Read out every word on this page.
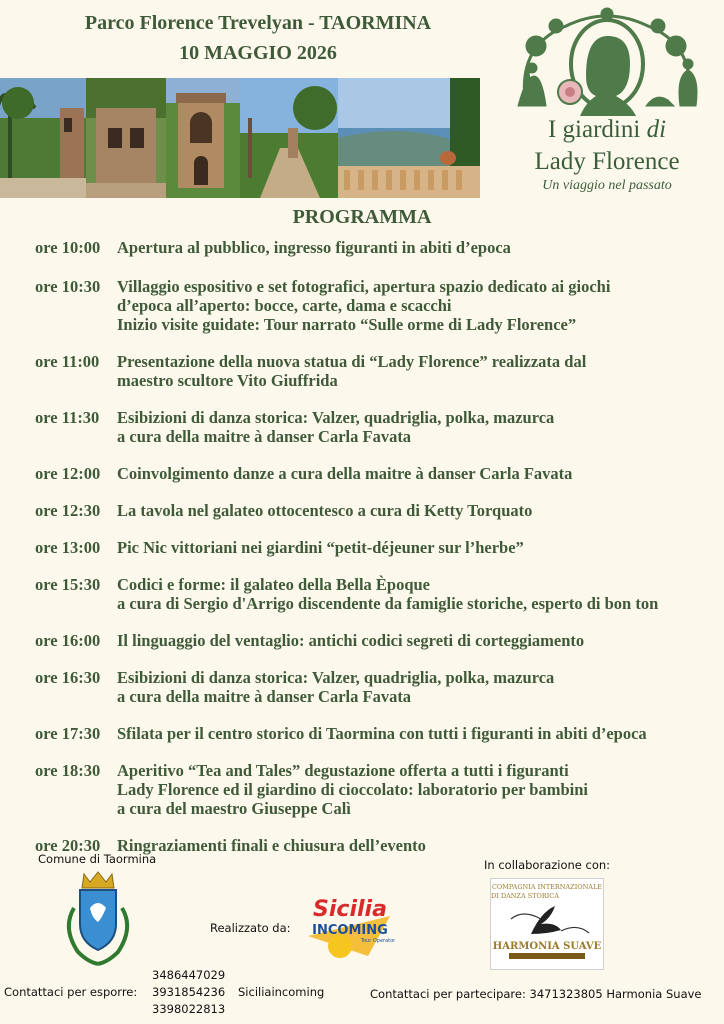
Parco Florence Trevelyan - TAORMINA
10 MAGGIO 2026
I giardini di
Lady Florence
Un viaggio nel passato
PROGRAMMA
ore 10:00	Apertura al pubblico, ingresso figuranti in abiti d’epoca
ore 10:30	Villaggio espositivo e set fotografici, apertura spazio dedicato ai giochi
d’epoca all’aperto: bocce, carte, dama e scacchi
Inizio visite guidate: Tour narrato “Sulle orme di Lady Florence”
ore 11:00	Presentazione della nuova statua di “Lady Florence” realizzata dal
maestro scultore Vito Giuffrida
ore 11:30	Esibizioni di danza storica: Valzer, quadriglia, polka, mazurca
a cura della maitre à danser Carla Favata
ore 12:00	Coinvolgimento danze a cura della maitre à danser Carla Favata
ore 12:30	La tavola nel galateo ottocentesco a cura di Ketty Torquato
ore 13:00	Pic Nic vittoriani nei giardini “petit-déjeuner sur l’herbe”
ore 15:30	Codici e forme: il galateo della Bella Èpoque
a cura di Sergio d'Arrigo discendente da famiglie storiche, esperto di bon ton
ore 16:00	Il linguaggio del ventaglio: antichi codici segreti di corteggiamento
ore 16:30	Esibizioni di danza storica: Valzer, quadriglia, polka, mazurca
a cura della maitre à danser Carla Favata
ore 17:30	Sfilata per il centro storico di Taormina con tutti i figuranti in abiti d’epoca
ore 18:30	Aperitivo “Tea and Tales” degustazione offerta a tutti i figuranti
Lady Florence ed il giardino di cioccolato: laboratorio per bambini
a cura del maestro Giuseppe Calì
ore 20:30	Ringraziamenti finali e chiusura dell’evento
Comune di Taormina
Realizzato da:
Sicilia
INCOMING
Tour Operator
In collaborazione con:
COMPAGNIA INTERNAZIONALE
DI DANZA STORICA
HARMONIA SUAVE
Contattaci per esporre:
3486447029
3931854236
3398022813
Siciliaincoming	Contattaci per partecipare: 3471323805 Harmonia Suave
